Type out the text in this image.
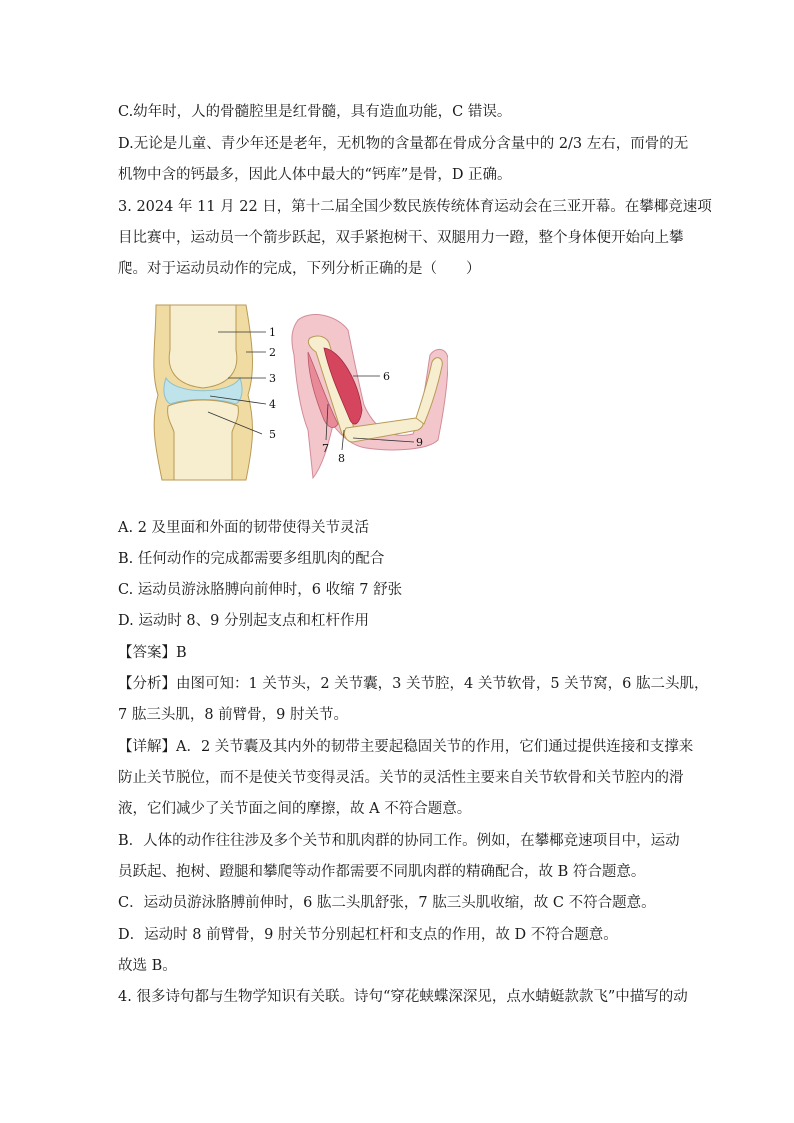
C.幼年时，人的骨髓腔里是红骨髓，具有造血功能，C 错误。
D.无论是儿童、青少年还是老年，无机物的含量都在骨成分含量中的 2/3 左右，而骨的无
机物中含的钙最多，因此人体中最大的“钙库”是骨，D 正确。
3. 2024 年 11 月 22 日，第十二届全国少数民族传统体育运动会在三亚开幕。在攀椰竞速项
目比赛中，运动员一个箭步跃起，双手紧抱树干、双腿用力一蹬，整个身体便开始向上攀
爬。对于运动员动作的完成，下列分析正确的是（　　）
1
2
3
4
5
6
7
8
9
A. 2 及里面和外面的韧带使得关节灵活
B. 任何动作的完成都需要多组肌肉的配合
C. 运动员游泳胳膊向前伸时，6 收缩 7 舒张
D. 运动时 8、9 分别起支点和杠杆作用
【答案】B
【分析】由图可知：1 关节头，2 关节囊，3 关节腔，4 关节软骨，5 关节窝，6 肱二头肌，
7 肱三头肌，8 前臂骨，9 肘关节。
【详解】A．2 关节囊及其内外的韧带主要起稳固关节的作用，它们通过提供连接和支撑来
防止关节脱位，而不是使关节变得灵活。关节的灵活性主要来自关节软骨和关节腔内的滑
液，它们减少了关节面之间的摩擦，故 A 不符合题意。
B．人体的动作往往涉及多个关节和肌肉群的协同工作。例如，在攀椰竞速项目中，运动
员跃起、抱树、蹬腿和攀爬等动作都需要不同肌肉群的精确配合，故 B 符合题意。
C．运动员游泳胳膊前伸时，6 肱二头肌舒张，7 肱三头肌收缩，故 C 不符合题意。
D．运动时 8 前臂骨，9 肘关节分别起杠杆和支点的作用，故 D 不符合题意。
故选 B。
4. 很多诗句都与生物学知识有关联。诗句“穿花蛱蝶深深见，点水蜻蜓款款飞”中描写的动
